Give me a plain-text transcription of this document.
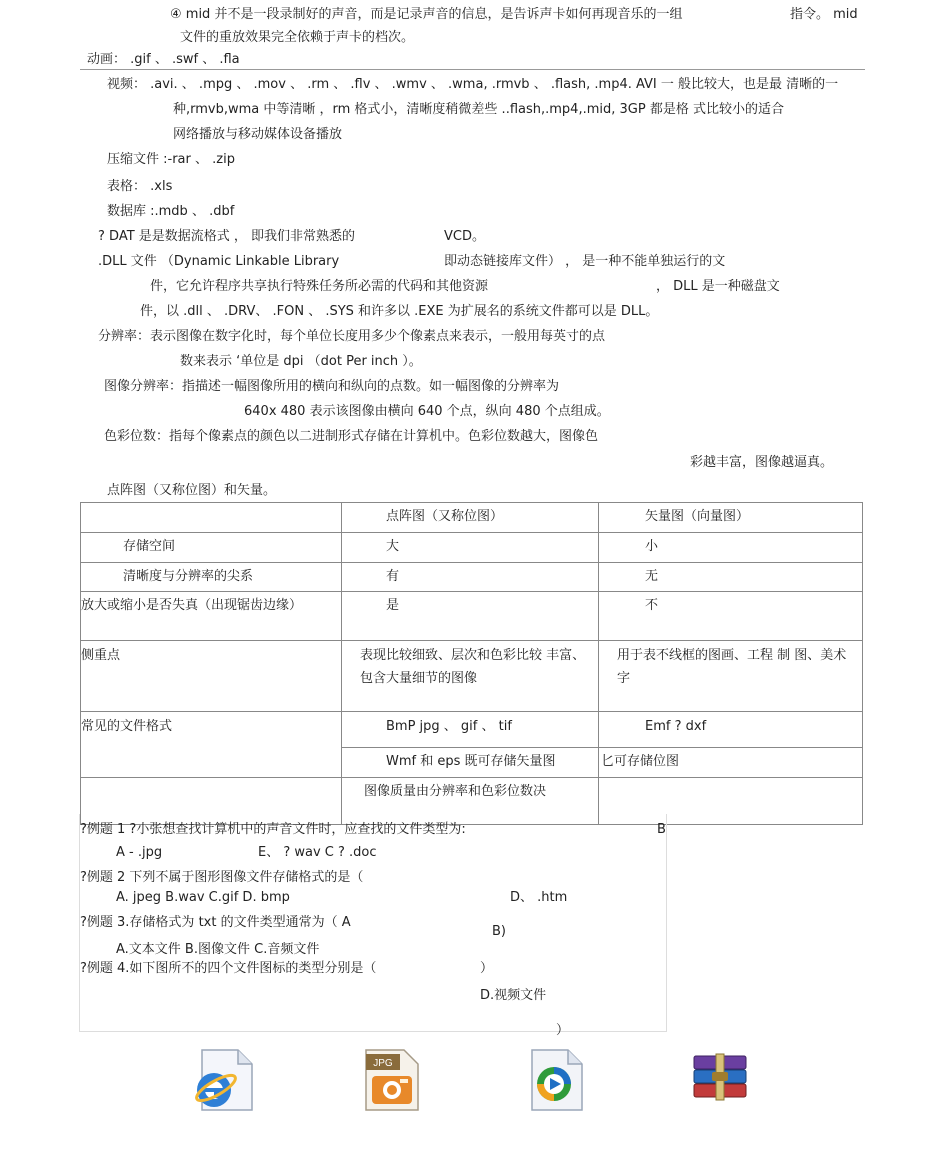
④ mid 并不是一段录制好的声音，而是记录声音的信息，是告诉声卡如何再现音乐的一组	指令。 mid
文件的重放效果完全依赖于声卡的档次。
动画： .gif 、 .swf 、 .fla
视频： .avi. 、 .mpg 、 .mov 、 .rm 、 .flv 、 .wmv 、 .wma, .rmvb 、 .flash, .mp4. AVI 一 般比较大，也是最 清晰的一
种,rmvb,wma 中等清晰 ，rm 格式小，清晰度稍微差些 ..flash,.mp4,.mid, 3GP 都是格 式比较小的适合
网络播放与移动媒体设备播放
压缩文件 :-rar 、 .zip
表格： .xls
数据库 :.mdb 、 .dbf
? DAT 是是数据流格式 ， 即我们非常熟悉的	VCD。
.DLL 文件 （Dynamic Linkable Library	即动态链接库文件） ， 是一种不能单独运行的文
件，它允许程序共享执行特殊任务所必需的代码和其他资源	， DLL 是一种磁盘文
件，以 .dll 、 .DRV、 .FON 、 .SYS 和许多以 .EXE 为扩展名的系统文件都可以是 DLL。
分辨率：表示图像在数字化时，每个单位长度用多少个像素点来表示，一般用每英寸的点
数来表示 ‘单位是 dpi （dot Per inch ）。
图像分辨率：指描述一幅图像所用的横向和纵向的点数。如一幅图像的分辨率为
640x 480 表示该图像由横向 640 个点，纵向 480 个点组成。
色彩位数：指每个像素点的颜色以二进制形式存储在计算机中。色彩位数越大，图像色
彩越丰富，图像越逼真。
点阵图（又称位图）和矢量。
	点阵图（又称位图）	矢量图（向量图）
存储空间	大	小
清晰度与分辨率的尖系	有	无
放大或缩小是否失真（出现锯齿边缘）	是	不
侧重点	表现比较细致、层次和色彩比较 丰富、包含大量细节的图像	用于表不线框的图画、工程 制 图、美术字
常见的文件格式	BmP jpg 、 gif 、 tif	Emf ? dxf
	Wmf 和 eps 既可存储矢量图	匕可存储位图
	图像质量由分辨率和色彩位数决	
?例题 1 ?小张想查找计算机中的声音文件时，应查找的文件类型为:	B
A - .jpg	E、 ? wav C ? .doc
?例题 2 下列不属于图形图像文件存储格式的是（
A. jpeg B.wav C.gif D. bmp	D、 .htm
?例题 3.存储格式为 txt 的文件类型通常为（ A
B)
A.文本文件 B.图像文件 C.音频文件
?例题 4.如下图所不的四个文件图标的类型分别是（	）
D.视频文件
）
JPG
